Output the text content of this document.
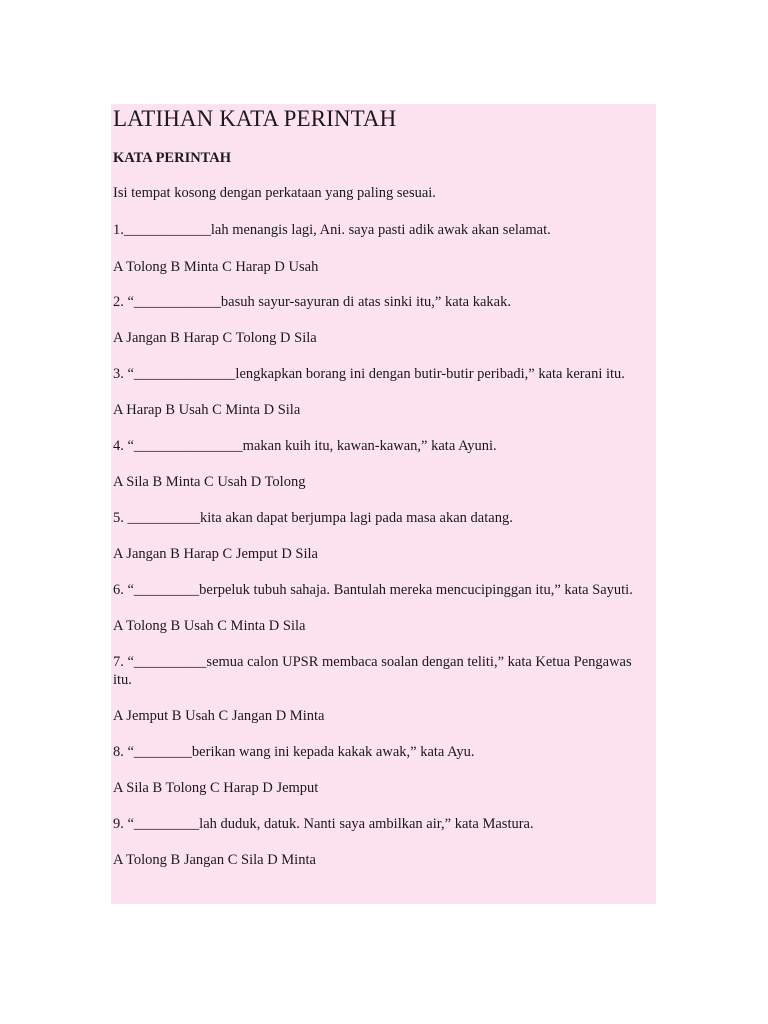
LATIHAN KATA PERINTAH
KATA PERINTAH
Isi tempat kosong dengan perkataan yang paling sesuai.
1.____________lah menangis lagi, Ani. saya pasti adik awak akan selamat.
A Tolong B Minta C Harap D Usah
2. “____________basuh sayur-sayuran di atas sinki itu,” kata kakak.
A Jangan B Harap C Tolong D Sila
3. “______________lengkapkan borang ini dengan butir-butir peribadi,” kata kerani itu.
A Harap B Usah C Minta D Sila
4. “_______________makan kuih itu, kawan-kawan,” kata Ayuni.
A Sila B Minta C Usah D Tolong
5. __________kita akan dapat berjumpa lagi pada masa akan datang.
A Jangan B Harap C Jemput D Sila
6. “_________berpeluk tubuh sahaja. Bantulah mereka mencucipinggan itu,” kata Sayuti.
A Tolong B Usah C Minta D Sila
7. “__________semua calon UPSR membaca soalan dengan teliti,” kata Ketua Pengawas itu.
A Jemput B Usah C Jangan D Minta
8. “________berikan wang ini kepada kakak awak,” kata Ayu.
A Sila B Tolong C Harap D Jemput
9. “_________lah duduk, datuk. Nanti saya ambilkan air,” kata Mastura.
A Tolong B Jangan C Sila D Minta
